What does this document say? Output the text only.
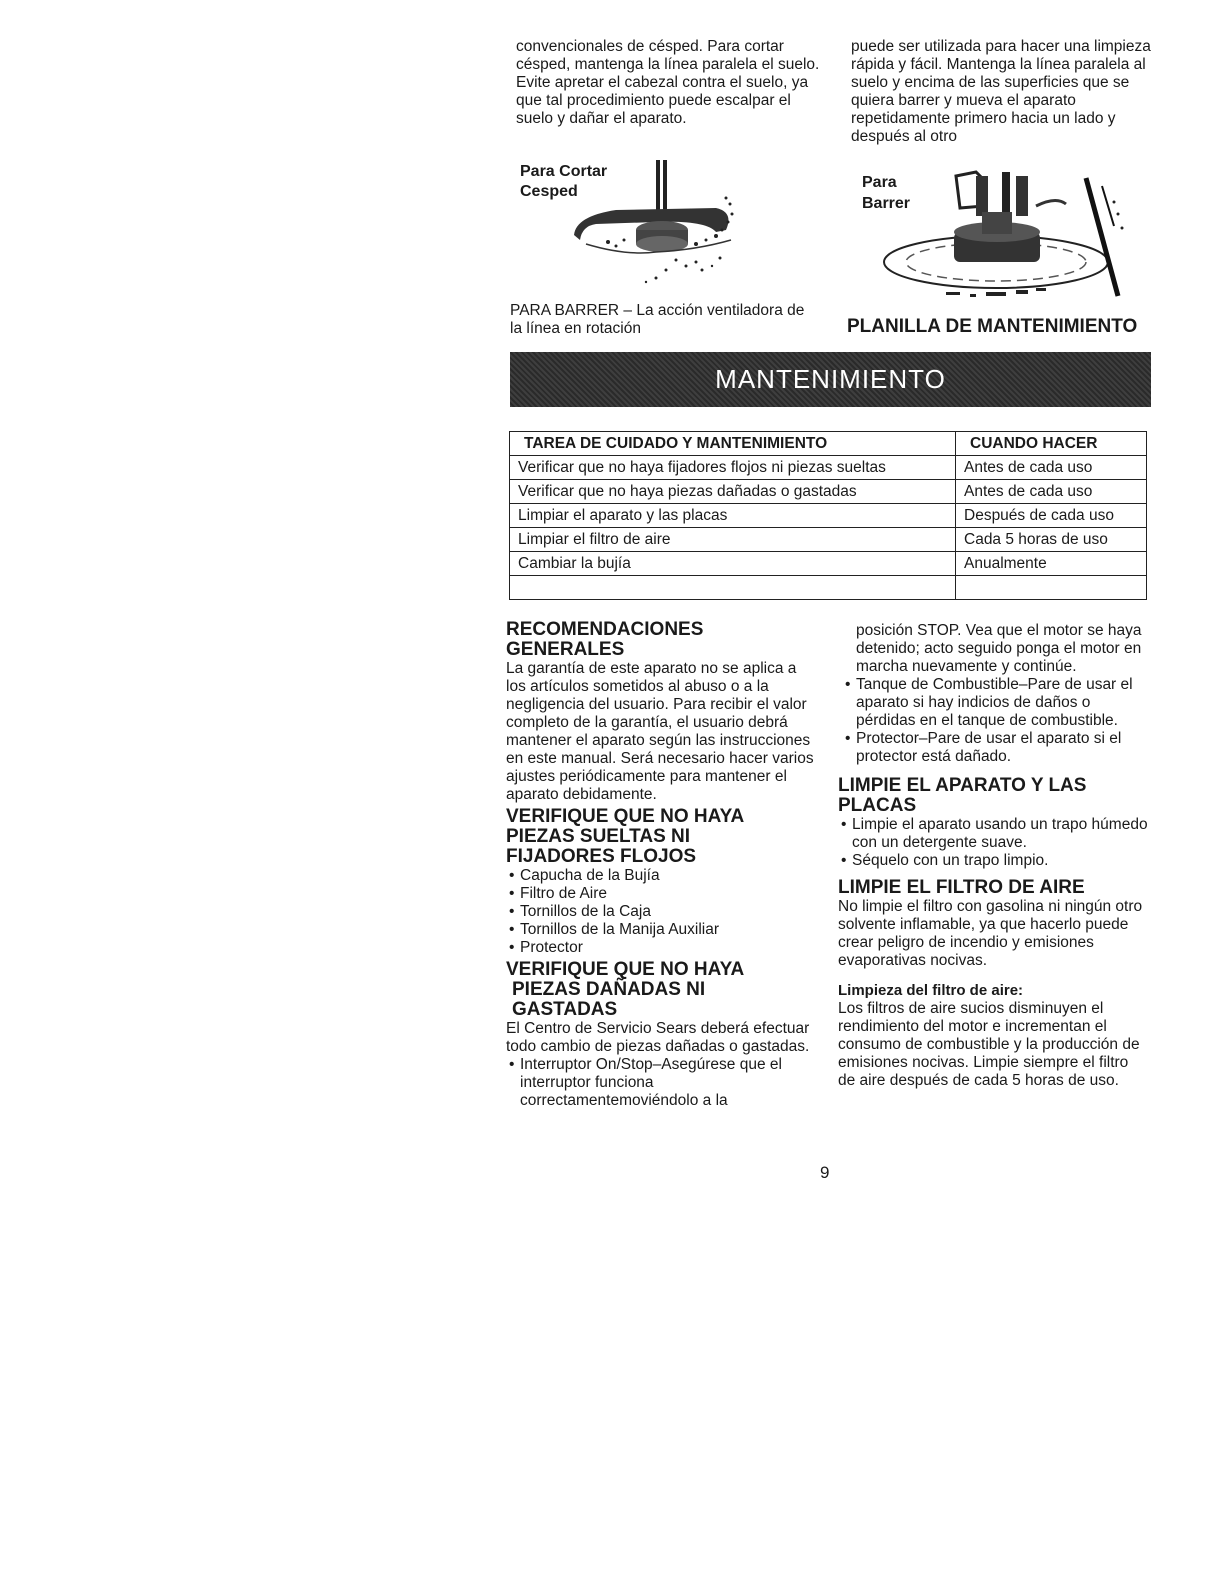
convencionales de césped. Para cortar césped, mantenga la línea paralela el suelo. Evite apretar el cabezal contra el suelo, ya que tal procedimiento puede escalpar el suelo y dañar el aparato.

Para Cortar
Cesped

PARA BARRER – La acción ventiladora de la línea en rotación

puede ser utilizada para hacer una limpieza rápida y fácil. Mantenga la línea paralela al suelo y encima de las superficies que se quiera barrer y mueva el aparato repetidamente primero hacia un lado y después al otro

Para
Barrer
PLANILLA DE MANTENIMIENTO
MANTENIMIENTO
TAREA DE CUIDADO Y MANTENIMIENTO	CUANDO HACER
Verificar que no haya fijadores flojos ni piezas sueltas	Antes de cada uso
Verificar que no haya piezas dañadas o gastadas	Antes de cada uso
Limpiar el aparato y las placas	Después de cada uso
Limpiar el filtro de aire	Cada 5 horas de uso
Cambiar la bujía	Anualmente

RECOMENDACIONES
GENERALES

La garantía de este aparato no se aplica a los artículos sometidos al abuso o a la negligencia del usuario. Para recibir el valor completo de la garantía, el usuario debrá mantener el aparato según las instrucciones en este manual. Será necesario hacer varios ajustes periódicamente para mantener el aparato debidamente.

VERIFIQUE QUE NO HAYA
PIEZAS SUELTAS NI
FIJADORES FLOJOS
• Capucha de la Bujía
• Filtro de Aire
• Tornillos de la Caja
• Tornillos de la Manija Auxiliar
• Protector
VERIFIQUE QUE NO HAYA
PIEZAS DAÑADAS NI
GASTADAS

El Centro de Servicio Sears deberá efectuar todo cambio de piezas dañadas o gastadas.

• Interruptor On/Stop–Asegúrese que el interruptor funciona correctamentemoviéndolo a la

posición STOP. Vea que el motor se haya detenido; acto seguido ponga el motor en marcha nuevamente y continúe.

• Tanque de Combustible–Pare de usar el aparato si hay indicios de daños o pérdidas en el tanque de combustible.
• Protector–Pare de usar el aparato si el protector está dañado.
LIMPIE EL APARATO Y LAS
PLACAS
• Limpie el aparato usando un trapo húmedo con un detergente suave.
• Séquelo con un trapo limpio.
LIMPIE EL FILTRO DE AIRE

No limpie el filtro con gasolina ni ningún otro solvente inflamable, ya que hacerlo puede crear peligro de incendio y emisiones evaporativas nocivas.

Limpieza del filtro de aire:

Los filtros de aire sucios disminuyen el rendimiento del motor e incrementan el consumo de combustible y la producción de emisiones nocivas. Limpie siempre el filtro de aire después de cada 5 horas de uso.

9
